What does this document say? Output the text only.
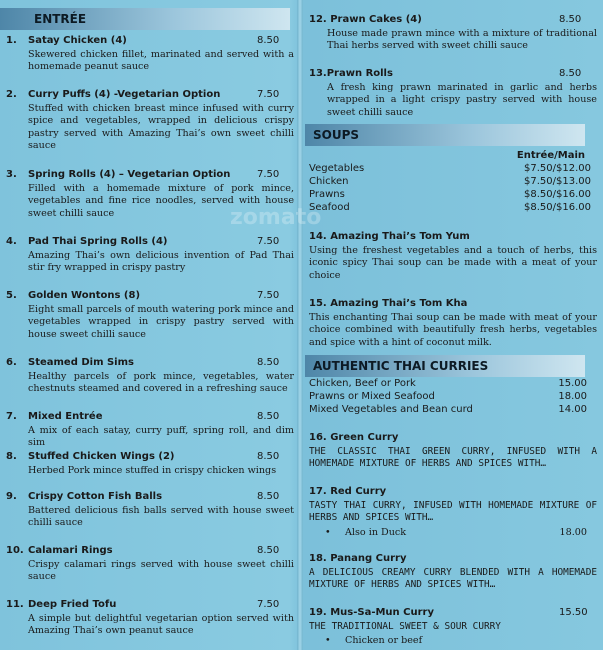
ENTRÉE
1. Satay Chicken (4)	8.50
Skewered chicken fillet, marinated and served with a homemade peanut sauce
2. Curry Puffs (4) -Vegetarian Option	7.50
Stuffed with chicken breast mince infused with curry spice and vegetables, wrapped in delicious crispy pastry served with Amazing Thai’s own sweet chilli sauce
3. Spring Rolls (4) – Vegetarian Option	7.50
Filled with a homemade mixture of pork mince, vegetables and fine rice noodles, served with house sweet chilli sauce
4. Pad Thai Spring Rolls (4)	7.50
Amazing Thai’s own delicious invention of Pad Thai stir fry wrapped in crispy pastry
5. Golden Wontons (8)	7.50
Eight small parcels of mouth watering pork mince and vegetables wrapped in crispy pastry served with house sweet chilli sauce
6. Steamed Dim Sims	8.50
Healthy parcels of pork mince, vegetables, water chestnuts steamed and covered in a refreshing sauce
7. Mixed Entrée	8.50
A mix of each satay, curry puff, spring roll, and dim sim
8. Stuffed Chicken Wings (2)	8.50
Herbed Pork mince stuffed in crispy chicken wings
9. Crispy Cotton Fish Balls	8.50
Battered delicious fish balls served with house sweet chilli sauce
10. Calamari Rings	8.50
Crispy calamari rings served with house sweet chilli sauce
11. Deep Fried Tofu	7.50
A simple but delightful vegetarian option served with Amazing Thai’s own peanut sauce
12. Prawn Cakes (4)	8.50
House made prawn mince with a mixture of traditional Thai herbs served with sweet chilli sauce
13.Prawn Rolls	8.50
A fresh king prawn marinated in garlic and herbs wrapped in a light crispy pastry served with house sweet chilli sauce
SOUPS
Entrée/Main
Vegetables	$7.50/$12.00
Chicken	$7.50/$13.00
Prawns	$8.50/$16.00
Seafood	$8.50/$16.00
14. Amazing Thai’s Tom Yum
Using the freshest vegetables and a touch of herbs, this iconic spicy Thai soup can be made with a meat of your choice
15. Amazing Thai’s Tom Kha
This enchanting Thai soup can be made with meat of your choice combined with beautifully fresh herbs, vegetables and spice with a hint of coconut milk.
AUTHENTIC THAI CURRIES
Chicken, Beef or Pork	15.00
Prawns or Mixed Seafood	18.00
Mixed Vegetables and Bean curd	14.00
16. Green Curry
THE CLASSIC THAI GREEN CURRY, INFUSED WITH A HOMEMADE MIXTURE OF HERBS AND SPICES WITH…
17. Red Curry
TASTY THAI CURRY, INFUSED WITH HOMEMADE MIXTURE OF HERBS AND SPICES WITH…
• Also in Duck	18.00
18. Panang Curry
A DELICIOUS CREAMY CURRY BLENDED WITH A HOMEMADE MIXTURE OF HERBS AND SPICES WITH…
19. Mus-Sa-Mun Curry	15.50
THE TRADITIONAL SWEET & SOUR CURRY
• Chicken or beef
zomato
